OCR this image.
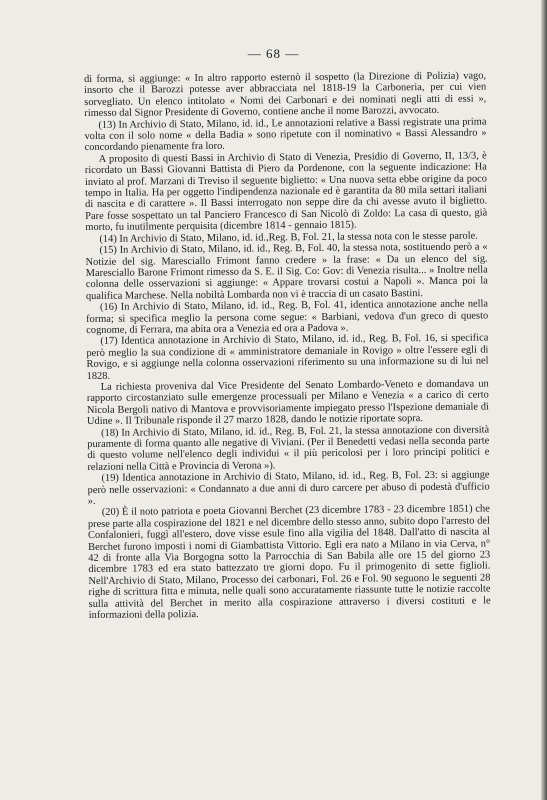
— 68 —

di forma, si aggiunge: « In altro rapporto esternò il sospetto (la Direzione di Polizia) vago, insorto che il Barozzi potesse aver abbracciata nel 1818-19 la Carboneria, per cui vien sorvegliato. Un elenco intitolato « Nomi dei Carbonari e dei nominati negli atti di essi », rimesso dal Signor Presidente di Governo, contiene anche il nome Barozzi, avvocato.

(13) In Archivio di Stato, Milano, id. id., Le annotazioni relative a Bassi registrate una prima volta con il solo nome « della Badia » sono ripetute con il nominativo « Bassi Alessandro » concordando pienamente fra loro.

A proposito di questi Bassi in Archivio di Stato di Venezia, Presidio di Governo, II, 13/3, è ricordato un Bassi Giovanni Battista di Piero da Pordenone, con la seguente indicazione: Ha inviato al prof. Marzani di Treviso il seguente biglietto: « Una nuova setta ebbe origine da poco tempo in Italia. Ha per oggetto l'indipendenza nazionale ed è garantita da 80 mila settari italiani di nascita e di carattere ». Il Bassi interrogato non seppe dire da chi avesse avuto il biglietto. Pare fosse sospettato un tal Panciero Francesco di San Nicolò di Zoldo: La casa di questo, già morto, fu inutilmente perquisita (dicembre 1814 - gennaio 1815).

(14) In Archivio di Stato, Milano, id. id.,Reg. B, Fol. 21, la stessa nota con le stesse parole.

(15) In Archivio di Stato, Milano, id. id., Reg. B, Fol. 40, la stessa nota, sostituendo però a « Notizie del sig. Maresciallo Frimont fanno credere » la frase: « Da un elenco del sig. Maresciallo Barone Frimont rimesso da S. E. il Sig. Co: Gov: di Venezia risulta... » Inoltre nella colonna delle osservazioni si aggiunge: « Appare trovarsi costui a Napoli ». Manca poi la qualifica Marchese. Nella nobiltà Lombarda non vi è traccia di un casato Bastini.

(16) In Archivio di Stato, Milano, id. id., Reg. B, Fol. 41, identica annotazione anche nella forma; si specifica meglio la persona come segue: « Barbiani, vedova d'un greco di questo cognome, di Ferrara, ma abita ora a Venezia ed ora a Padova ».

(17) Identica annotazione in Archivio di Stato, Milano, id. id., Reg. B, Fol. 16, si specifica però meglio la sua condizione di « amministratore demaniale in Rovigo » oltre l'essere egli di Rovigo, e si aggiunge nella colonna osservazioni riferimento su una informazione su di lui nel 1828.

La richiesta proveniva dal Vice Presidente del Senato Lombardo-Veneto e domandava un rapporto circostanziato sulle emergenze processuali per Milano e Venezia « a carico di certo Nicola Bergoli nativo di Mantova e provvisoriamente impiegato presso l'Ispezione demaniale di Udine ». Il Tribunale risponde il 27 marzo 1828, dando le notizie riportate sopra.

(18) In Archivio di Stato, Milano, id. id., Reg. B, Fol. 21, la stessa annotazione con diversità puramente di forma quanto alle negative di Viviani. (Per il Benedetti vedasi nella seconda parte di questo volume nell'elenco degli individui « il più pericolosi per i loro principi politici e relazioni nella Città e Provincia di Verona »).

(19) Identica annotazione in Archivio di Stato, Milano, id. id., Reg. B, Fol. 23: si aggiunge però nelle osservazioni: « Condannato a due anni di duro carcere per abuso di podestà d'ufficio ».

(20) È il noto patriota e poeta Giovanni Berchet (23 dicembre 1783 - 23 dicembre 1851) che prese parte alla cospirazione del 1821 e nel dicembre dello stesso anno, subito dopo l'arresto del Confalonieri, fuggì all'estero, dove visse esule fino alla vigilia del 1848. Dall'atto di nascita al Berchet furono imposti i nomi di Giambattista Vittorio. Egli era nato a Milano in via Cerva, n° 42 di fronte alla Via Borgogna sotto la Parrocchia di San Babila alle ore 15 del giorno 23 dicembre 1783 ed era stato battezzato tre giorni dopo. Fu il primogenito di sette figlioli. Nell'Archivio di Stato, Milano, Processo dei carbonari, Fol. 26 e Fol. 90 seguono le seguenti 28 righe di scrittura fitta e minuta, nelle quali sono accuratamente riassunte tutte le notizie raccolte sulla attività del Berchet in merito alla cospirazione attraverso i diversi costituti e le informazioni della polizia.
